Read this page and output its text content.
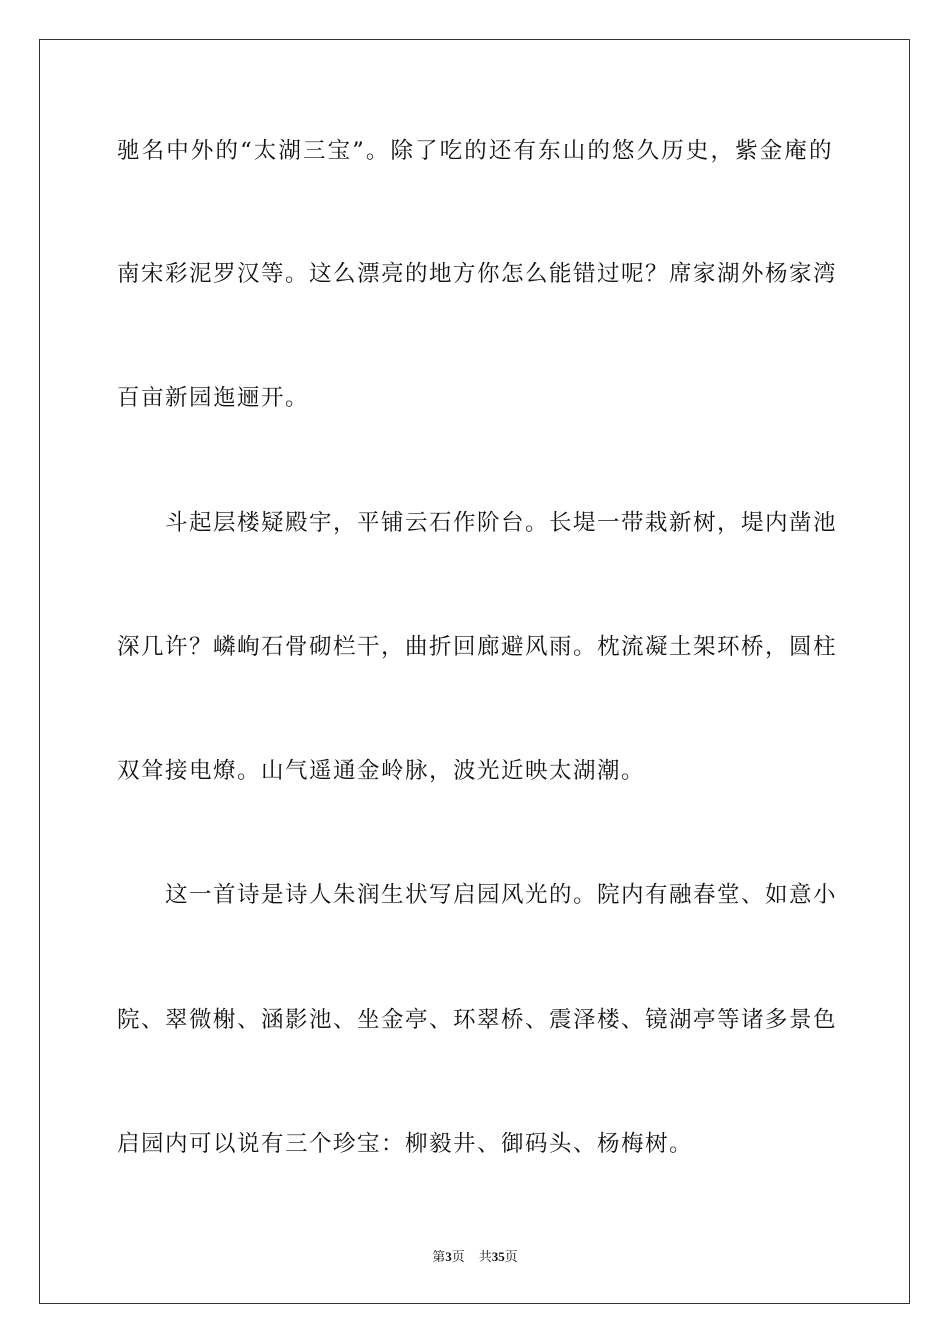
驰名中外的“太湖三宝”。除了吃的还有东山的悠久历史，紫金庵的
南宋彩泥罗汉等。这么漂亮的地方你怎么能错过呢？席家湖外杨家湾
百亩新园迤逦开。
斗起层楼疑殿宇，平铺云石作阶台。长堤一带栽新树，堤内凿池
深几许？嶙峋石骨砌栏干，曲折回廊避风雨。枕流凝土架环桥，圆柱
双耸接电燎。山气遥通金岭脉，波光近映太湖潮。
这一首诗是诗人朱润生状写启园风光的。院内有融春堂、如意小
院、翠微榭、涵影池、坐金亭、环翠桥、震泽楼、镜湖亭等诸多景色
启园内可以说有三个珍宝：柳毅井、御码头、杨梅树。
第3页 共35页
